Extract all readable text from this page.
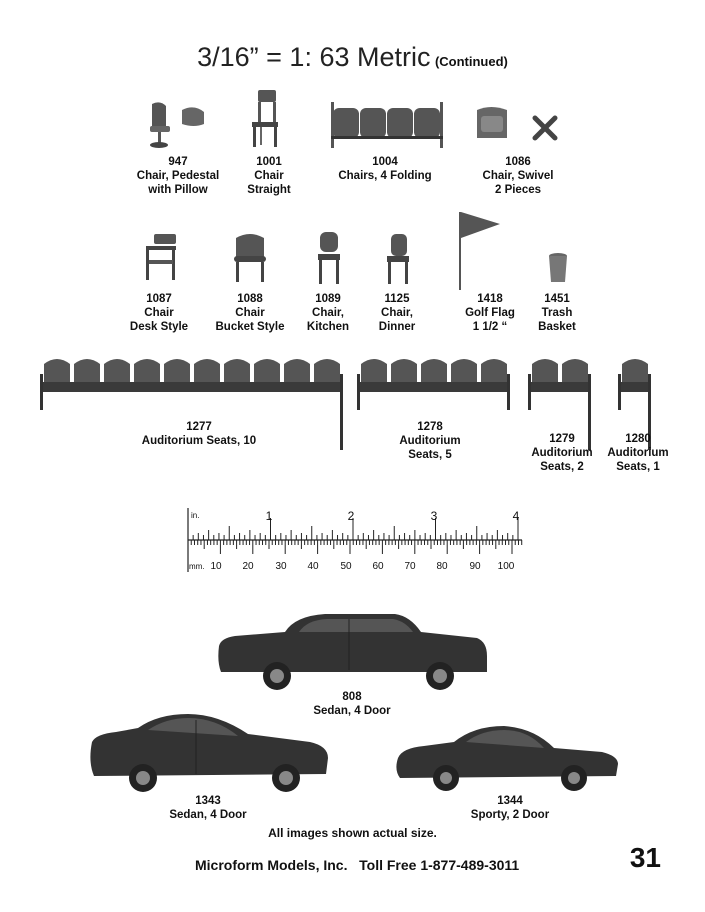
3/16” = 1: 63 Metric (Continued)
947
Chair, Pedestal
with Pillow
1001
Chair
Straight
1004
Chairs, 4 Folding
1086
Chair, Swivel
2 Pieces
1087
Chair
Desk Style
1088
Chair
Bucket Style
1089
Chair,
Kitchen
1125
Chair,
Dinner
1418
Golf Flag
1 1/2 “
1451
Trash
Basket
1277
Auditorium Seats, 10
1278
Auditorium
Seats, 5
1279
Auditorium
Seats, 2
1280
Auditorium
Seats, 1
in.
mm.
1	2	3	4
10 20 30 40 50 60 70 80 90 100
808
Sedan, 4 Door
1343
Sedan, 4 Door
1344
Sporty, 2 Door
All images shown actual size.
Microform Models, Inc.   Toll Free 1-877-489-3011	31
